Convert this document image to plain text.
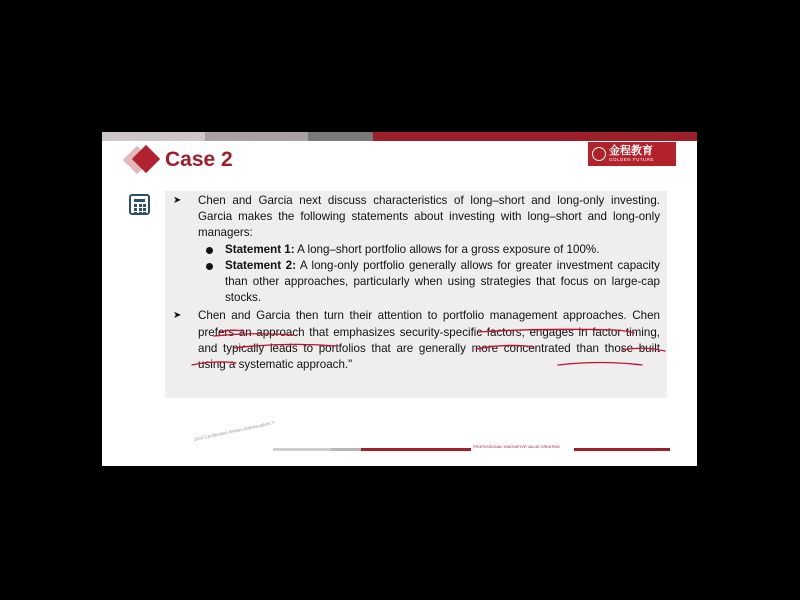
Case 2	金程教育
GOLDEN FUTURE

➤ Chen and Garcia next discuss characteristics of long–short and long-only investing. Garcia makes the following statements about investing with long–short and long-only managers:

Statement 1: A long–short portfolio allows for a gross exposure of 100%.

Statement 2: A long-only portfolio generally allows for greater investment capacity than other approaches, particularly when using strategies that focus on large-cap stocks.

➤ Chen and Garcia then turn their attention to portfolio management approaches. Chen prefers an approach that emphasizes security-specific factors, engages in factor timing, and typically leads to portfolios that are generally more concentrated than those built using a systematic approach."

2024 Certification Bnaluo Ambassadors Y
PROFESSIONAL·INNOVATIVE·VALUE CREATING
